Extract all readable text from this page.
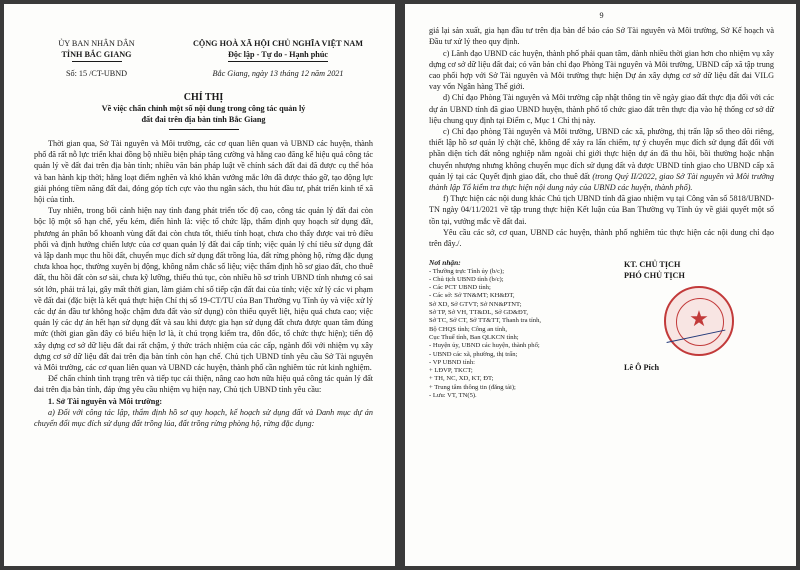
ỦY BAN NHÂN DÂN
TỈNH BẮC GIANG
CỘNG HOÀ XÃ HỘI CHỦ NGHĨA VIỆT NAM
Độc lập - Tự do - Hạnh phúc
Số: 15 /CT-UBND	Bắc Giang, ngày 13 tháng 12 năm 2021
CHỈ THỊ
Về việc chấn chỉnh một số nội dung trong công tác quản lý
đất đai trên địa bàn tỉnh Bắc Giang

Thời gian qua, Sở Tài nguyên và Môi trường, các cơ quan liên quan và UBND các huyện, thành phố đã rất nỗ lực triển khai đồng bộ nhiều biện pháp tăng cường và hằng cao đăng kế hiệu quả công tác quản lý về đất đai trên địa bàn tỉnh; nhiều văn bản pháp luật về chính sách đất đai đã được cụ thể hóa và ban hành kịp thời; hằng loạt điểm nghẽn và khó khăn vướng mắc lớn đã được tháo gỡ, tạo động lực giải phóng tiềm năng đất đai, đóng góp tích cực vào thu ngân sách, thu hút đầu tư, phát triển kinh tế xã hội của tỉnh.

Tuy nhiên, trong bối cảnh hiện nay tình đang phát triển tốc độ cao, công tác quản lý đất đai còn bộc lộ một số hạn chế, yếu kém, điển hình là: việc tổ chức lập, thẩm định quy hoạch sử dụng đất, phương án phân bổ khoanh vùng đất đai còn chưa tốt, thiếu tính hoạt, chưa cho thấy được vai trò điều phối và định hướng chiến lược của cơ quan quản lý đất đai cấp tỉnh; việc quản lý chỉ tiêu sử dụng đất và lập danh mục thu hồi đất, chuyển mục đích sử dụng đất trồng lúa, đất rừng phòng hộ, rừng đặc dụng chưa khoa học, thường xuyên bị động, không nắm chắc số liệu; việc thẩm định hồ sơ giao đất, cho thuê đất, thu hồi đất còn sơ sài, chưa kỹ lưỡng, thiếu thủ tục, còn nhiều hồ sơ trình UBND tỉnh nhưng có sai sót lớn, phải trả lại, gây mất thời gian, làm giảm chỉ số tiếp cận đất đai của tỉnh; việc xử lý các vi phạm về đất đai (đặc biệt là kết quả thực hiện Chỉ thị số 19-CT/TU của Ban Thường vụ Tỉnh ủy và việc xử lý các dự án đầu tư không hoặc chậm đưa đất vào sử dụng) còn thiếu quyết liệt, hiệu quả chưa cao; việc quản lý các dự án hết hạn sử dụng đất và sau khi được gia hạn sử dụng đất chưa được quan tâm đúng mức (thời gian gần đây có biểu hiện lơ là, ít chú trọng kiểm tra, đôn đốc, tổ chức thực hiện); tiến độ xây dựng cơ sở dữ liệu đất đai rất chậm, ý thức trách nhiệm của các cấp, ngành đối với nhiệm vụ xây dựng cơ sở dữ liệu đất đai trên địa bàn tỉnh còn hạn chế. Chủ tịch UBND tỉnh yêu cầu Sở Tài nguyên và Môi trường, các cơ quan liên quan và UBND các huyện, thành phố cần nghiêm túc rút kinh nghiệm.

Để chấn chỉnh tình trạng trên và tiếp tục cải thiện, nâng cao hơn nữa hiệu quả công tác quản lý đất đai trên địa bàn tỉnh, đáp ứng yêu cầu nhiệm vụ hiện nay, Chủ tịch UBND tỉnh yêu cầu:

1. Sở Tài nguyên và Môi trường:

a) Đối với công tác lập, thẩm định hồ sơ quy hoạch, kế hoạch sử dụng đất và Danh mục dự án chuyển đổi mục đích sử dụng đất trồng lúa, đất trồng rừng phòng hộ, rừng đặc dụng:

9

giá lại sản xuất, gia hạn đầu tư trên địa bàn để báo cáo Sở Tài nguyên và Môi trường, Sở Kế hoạch và Đầu tư xử lý theo quy định.

c) Lãnh đạo UBND các huyện, thành phố phải quan tâm, dành nhiều thời gian hơn cho nhiệm vụ xây dựng cơ sở dữ liệu đất đai; có văn bản chỉ đạo Phòng Tài nguyên và Môi trường, UBND cấp xã tập trung cao phối hợp với Sở Tài nguyên và Môi trường thực hiện Dự án xây dựng cơ sở dữ liệu đất đai VILG vay vốn Ngân hàng Thế giới.

d) Chỉ đạo Phòng Tài nguyên và Môi trường cập nhật thông tin về ngày giao đất thực địa đối với các dự án UBND tỉnh đã giao UBND huyện, thành phố tổ chức giao đất trên thực địa vào hệ thống cơ sở dữ liệu chung quy định tại Điểm c, Mục 1 Chỉ thị này.

c) Chỉ đạo phòng Tài nguyên và Môi trường, UBND các xã, phường, thị trấn lập sổ theo dõi riêng, thiết lập hồ sơ quản lý chặt chẽ, không để xảy ra lấn chiếm, tự ý chuyển mục đích sử dụng đất đối với phần diện tích đất nông nghiệp nằm ngoài chỉ giới thực hiện dự án đã thu hồi, bồi thường hoặc nhận chuyển nhượng nhưng không chuyển mục đích sử dụng đất và được UBND tỉnh giao cho UBND cấp xã quản lý tại các Quyết định giao đất, cho thuê đất (trong Quý II/2022, giao Sở Tài nguyên và Môi trường thành lập Tổ kiểm tra thực hiện nội dung này của UBND các huyện, thành phố).

f) Thực hiện các nội dung khác Chủ tịch UBND tỉnh đã giao nhiệm vụ tại Công văn số 5818/UBND-TN ngày 04/11/2021 về tập trung thực hiện Kết luận của Ban Thường vụ Tỉnh ủy về giải quyết một số tồn tại, vướng mắc về đất đai.

Yêu cầu các sở, cơ quan, UBND các huyện, thành phố nghiêm túc thực hiện các nội dung chỉ đạo trên đây./.

Nơi nhận:
- Thường trực Tỉnh ủy (b/c);
- Chủ tịch UBND tỉnh (b/c);
- Các PCT UBND tỉnh;
- Các sở: Sở TN&MT; KH&ĐT,
Sở XD, Sở GTVT; Sở NN&PTNT;
Sở TP, Sở VH, TT&DL, Sở GD&ĐT,
Sở TC, Sở CT, Sở TT&TT, Thanh tra tỉnh,
Bộ CHQS tỉnh; Công an tỉnh,
Cục Thuế tỉnh, Ban QLKCN tỉnh;
- Huyện ủy, UBND các huyện, thành phố;
- UBND các xã, phường, thị trấn;
- VP UBND tỉnh:
+ LĐVP, TKCT;
+ TH, NC, XD, KT, ĐT;
+ Trung tâm thông tin (đăng tải);
- Lưu: VT, TN(5).
KT. CHỦ TỊCH
PHÓ CHỦ TỊCH
★
Lê Ô Pích
